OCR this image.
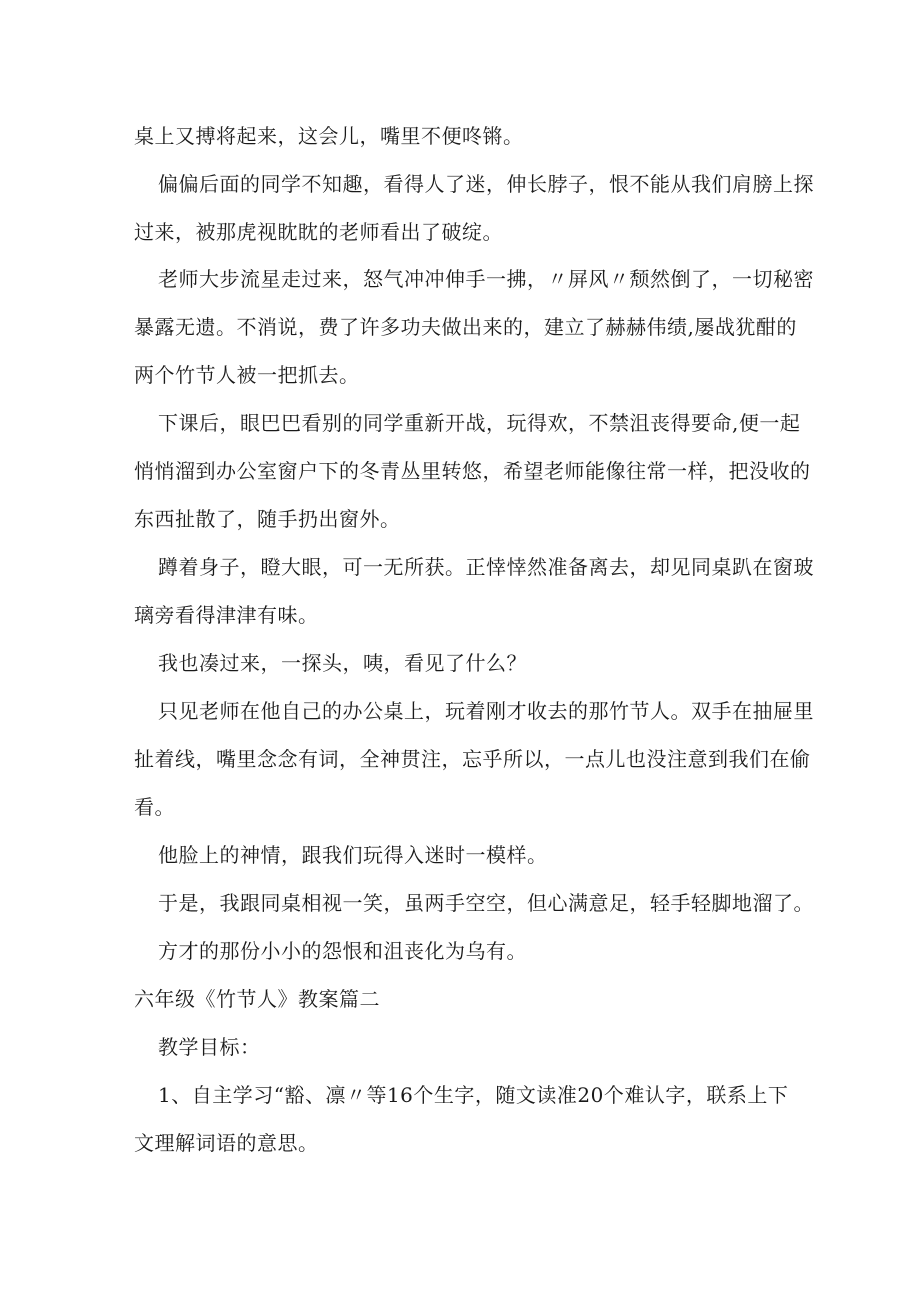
桌上又搏将起来，这会儿，嘴里不便咚锵。
偏偏后面的同学不知趣，看得人了迷，伸长脖子，恨不能从我们肩膀上探
过来，被那虎视眈眈的老师看出了破绽。
老师大步流星走过来，怒气冲冲伸手一拂，〃屏风〃颓然倒了，一切秘密
暴露无遗。不消说，费了许多功夫做出来的，建立了赫赫伟绩,屡战犹酣的
两个竹节人被一把抓去。
下课后，眼巴巴看别的同学重新开战，玩得欢，不禁沮丧得要命,便一起
悄悄溜到办公室窗户下的冬青丛里转悠，希望老师能像往常一样，把没收的
东西扯散了，随手扔出窗外。
蹲着身子，瞪大眼，可一无所获。正悻悻然准备离去，却见同桌趴在窗玻
璃旁看得津津有味。
我也凑过来，一探头，咦，看见了什么？
只见老师在他自己的办公桌上，玩着刚才收去的那竹节人。双手在抽屉里
扯着线，嘴里念念有词，全神贯注，忘乎所以，一点儿也没注意到我们在偷
看。
他脸上的神情，跟我们玩得入迷时一模样。
于是，我跟同桌相视一笑，虽两手空空，但心满意足，轻手轻脚地溜了。
方才的那份小小的怨恨和沮丧化为乌有。
六年级《竹节人》教案篇二
教学目标：
1、自主学习“豁、凛〃等16个生字，随文读准20个难认字，联系上下
文理解词语的意思。
